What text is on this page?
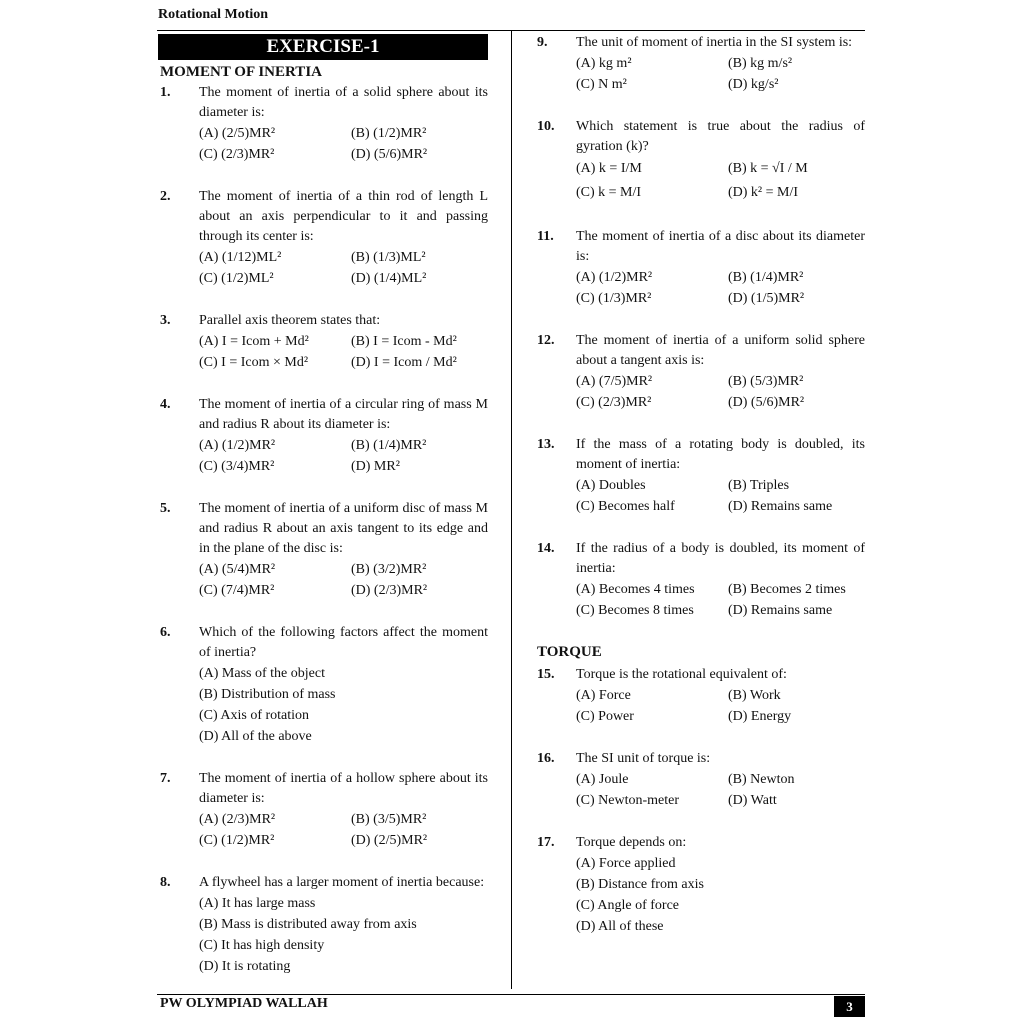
Rotational Motion
EXERCISE-1
MOMENT OF INERTIA
1.	The moment of inertia of a solid sphere about its diameter is:
(A) (2/5)MR²	(B) (1/2)MR²
(C) (2/3)MR²	(D) (5/6)MR²
2.	The moment of inertia of a thin rod of length L about an axis perpendicular to it and passing through its center is:
(A) (1/12)ML²	(B) (1/3)ML²
(C) (1/2)ML²	(D) (1/4)ML²
3.	Parallel axis theorem states that:
(A) I = Icom + Md²	(B) I = Icom - Md²
(C) I = Icom × Md²	(D) I = Icom / Md²
4.	The moment of inertia of a circular ring of mass M and radius R about its diameter is:
(A) (1/2)MR²	(B) (1/4)MR²
(C) (3/4)MR²	(D) MR²
5.	The moment of inertia of a uniform disc of mass M and radius R about an axis tangent to its edge and in the plane of the disc is:
(A) (5/4)MR²	(B) (3/2)MR²
(C) (7/4)MR²	(D) (2/3)MR²
6.	Which of the following factors affect the moment of inertia?
(A) Mass of the object
(B) Distribution of mass
(C) Axis of rotation
(D) All of the above
7.	The moment of inertia of a hollow sphere about its diameter is:
(A) (2/3)MR²	(B) (3/5)MR²
(C) (1/2)MR²	(D) (2/5)MR²
8.	A flywheel has a larger moment of inertia because:
(A) It has large mass
(B) Mass is distributed away from axis
(C) It has high density
(D) It is rotating
9.	The unit of moment of inertia in the SI system is:
(A) kg m²	(B) kg m/s²
(C) N m²	(D) kg/s²
10.	Which statement is true about the radius of gyration (k)?
(A) k = I/M	(B) k = √I / M
(C) k = M/I	(D) k² = M/I
11.	The moment of inertia of a disc about its diameter is:
(A) (1/2)MR²	(B) (1/4)MR²
(C) (1/3)MR²	(D) (1/5)MR²
12.	The moment of inertia of a uniform solid sphere about a tangent axis is:
(A) (7/5)MR²	(B) (5/3)MR²
(C) (2/3)MR²	(D) (5/6)MR²
13.	If the mass of a rotating body is doubled, its moment of inertia:
(A) Doubles	(B) Triples
(C) Becomes half	(D) Remains same
14.	If the radius of a body is doubled, its moment of inertia:
(A) Becomes 4 times	(B) Becomes 2 times
(C) Becomes 8 times	(D) Remains same
TORQUE
15.	Torque is the rotational equivalent of:
(A) Force	(B) Work
(C) Power	(D) Energy
16.	The SI unit of torque is:
(A) Joule	(B) Newton
(C) Newton-meter	(D) Watt
17.	Torque depends on:
(A) Force applied
(B) Distance from axis
(C) Angle of force
(D) All of these
PW OLYMPIAD WALLAH	3
